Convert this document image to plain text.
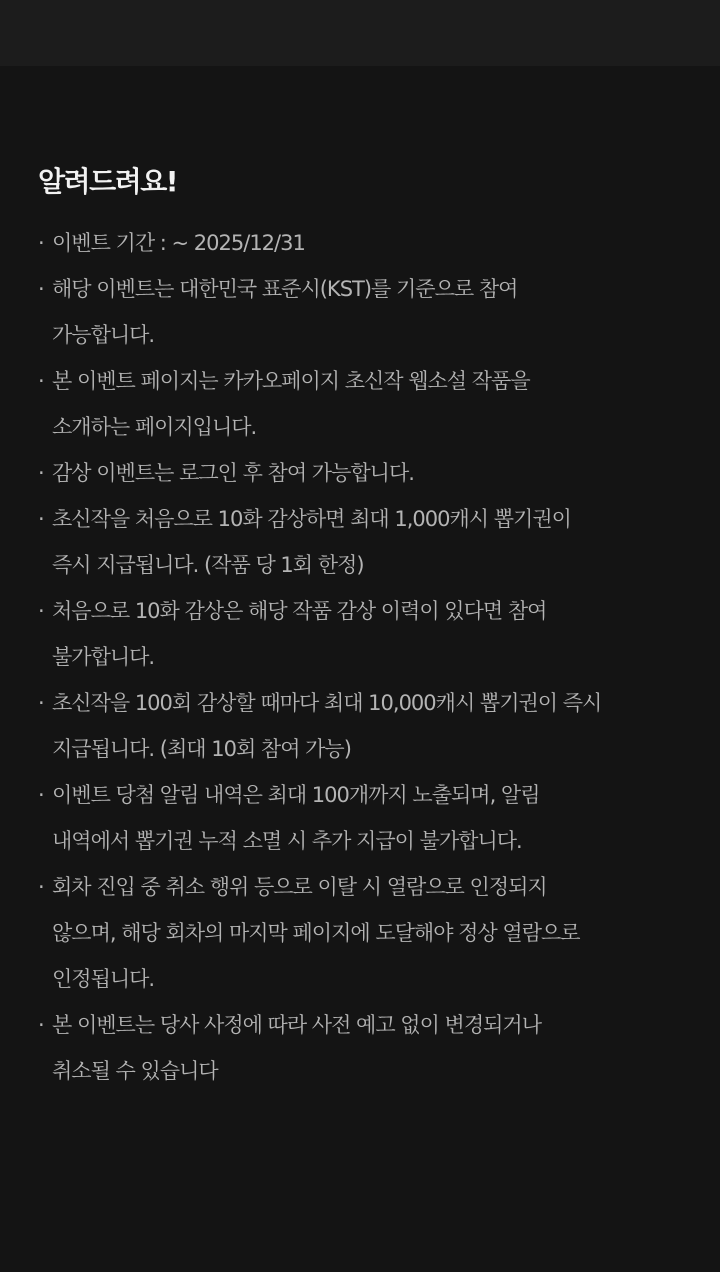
알려드려요!
· 이벤트 기간 : ~ 2025/12/31
· 해당 이벤트는 대한민국 표준시(KST)를 기준으로 참여
가능합니다.
· 본 이벤트 페이지는 카카오페이지 초신작 웹소설 작품을
소개하는 페이지입니다.
· 감상 이벤트는 로그인 후 참여 가능합니다.
· 초신작을 처음으로 10화 감상하면 최대 1,000캐시 뽑기권이
즉시 지급됩니다. (작품 당 1회 한정)
· 처음으로 10화 감상은 해당 작품 감상 이력이 있다면 참여
불가합니다.
· 초신작을 100회 감상할 때마다 최대 10,000캐시 뽑기권이 즉시
지급됩니다. (최대 10회 참여 가능)
· 이벤트 당첨 알림 내역은 최대 100개까지 노출되며, 알림
내역에서 뽑기권 누적 소멸 시 추가 지급이 불가합니다.
· 회차 진입 중 취소 행위 등으로 이탈 시 열람으로 인정되지
않으며, 해당 회차의 마지막 페이지에 도달해야 정상 열람으로
인정됩니다.
· 본 이벤트는 당사 사정에 따라 사전 예고 없이 변경되거나
취소될 수 있습니다
